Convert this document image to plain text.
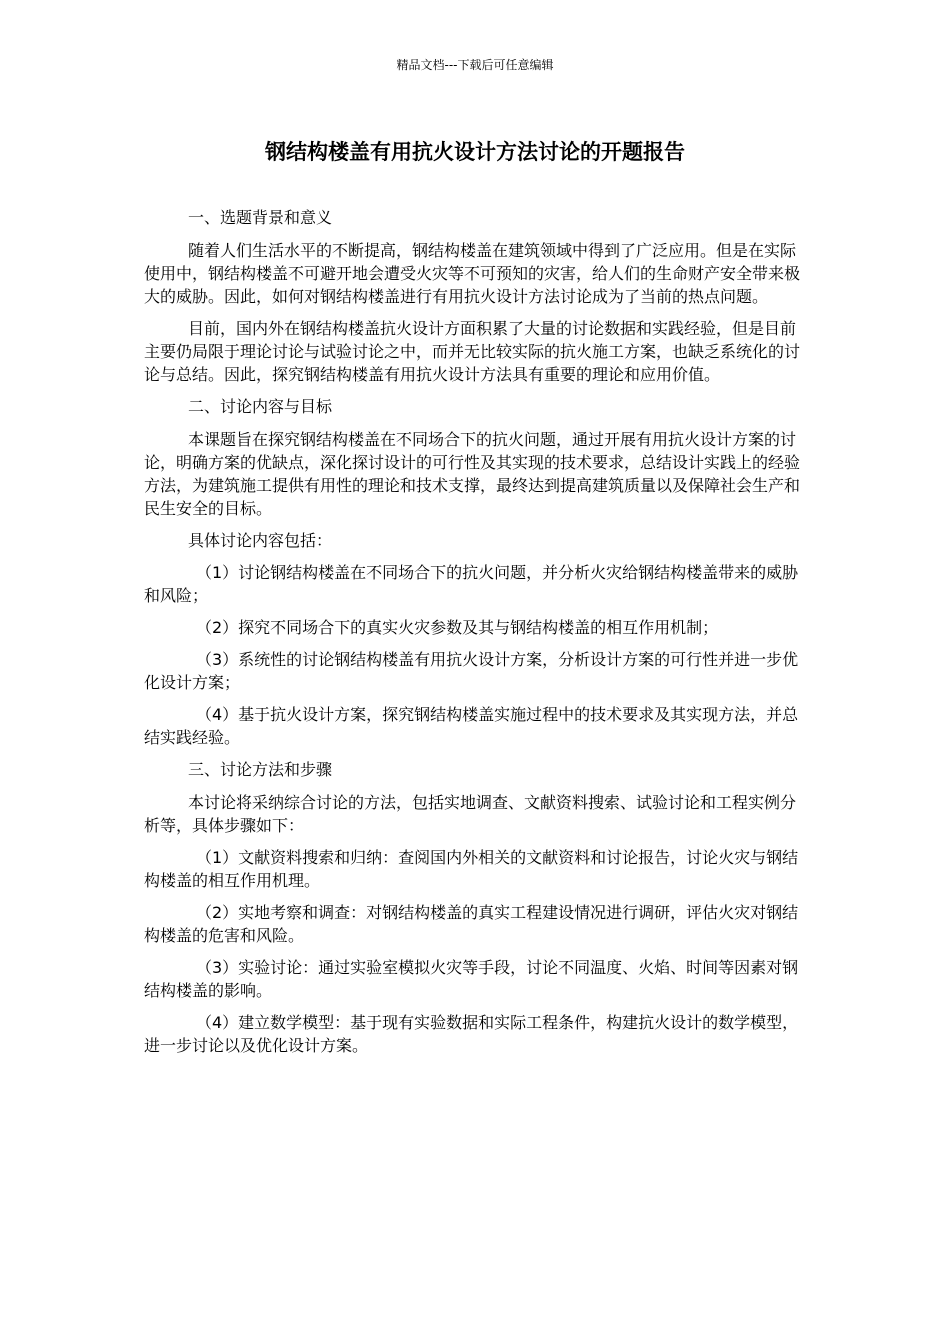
精品文档---下载后可任意编辑
钢结构楼盖有用抗火设计方法讨论的开题报告

一、选题背景和意义

随着人们生活水平的不断提高，钢结构楼盖在建筑领域中得到了广泛应用。但是在实际使用中，钢结构楼盖不可避开地会遭受火灾等不可预知的灾害，给人们的生命财产安全带来极大的威胁。因此，如何对钢结构楼盖进行有用抗火设计方法讨论成为了当前的热点问题。

目前，国内外在钢结构楼盖抗火设计方面积累了大量的讨论数据和实践经验，但是目前主要仍局限于理论讨论与试验讨论之中，而并无比较实际的抗火施工方案，也缺乏系统化的讨论与总结。因此，探究钢结构楼盖有用抗火设计方法具有重要的理论和应用价值。

二、讨论内容与目标

本课题旨在探究钢结构楼盖在不同场合下的抗火问题，通过开展有用抗火设计方案的讨论，明确方案的优缺点，深化探讨设计的可行性及其实现的技术要求，总结设计实践上的经验方法，为建筑施工提供有用性的理论和技术支撑，最终达到提高建筑质量以及保障社会生产和民生安全的目标。

具体讨论内容包括：

（1）讨论钢结构楼盖在不同场合下的抗火问题，并分析火灾给钢结构楼盖带来的威胁和风险；

（2）探究不同场合下的真实火灾参数及其与钢结构楼盖的相互作用机制；

（3）系统性的讨论钢结构楼盖有用抗火设计方案，分析设计方案的可行性并进一步优化设计方案；

（4）基于抗火设计方案，探究钢结构楼盖实施过程中的技术要求及其实现方法，并总结实践经验。

三、讨论方法和步骤

本讨论将采纳综合讨论的方法，包括实地调查、文献资料搜索、试验讨论和工程实例分析等，具体步骤如下：

（1）文献资料搜索和归纳：查阅国内外相关的文献资料和讨论报告，讨论火灾与钢结构楼盖的相互作用机理。

（2）实地考察和调查：对钢结构楼盖的真实工程建设情况进行调研，评估火灾对钢结构楼盖的危害和风险。

（3）实验讨论：通过实验室模拟火灾等手段，讨论不同温度、火焰、时间等因素对钢结构楼盖的影响。

（4）建立数学模型：基于现有实验数据和实际工程条件，构建抗火设计的数学模型，进一步讨论以及优化设计方案。
